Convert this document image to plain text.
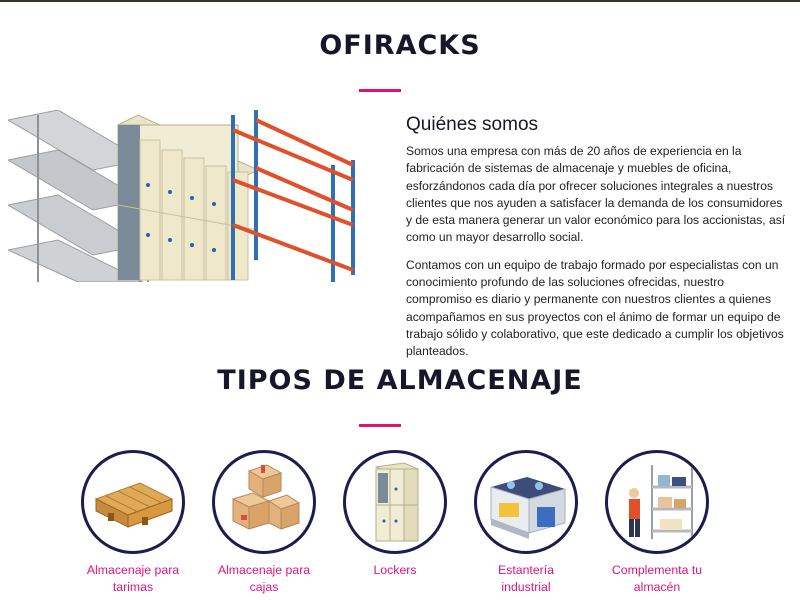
OFIRACKS
Quiénes somos

Somos una empresa con más de 20 años de experiencia en la fabricación de sistemas de almacenaje y muebles de oficina, esforzándonos cada día por ofrecer soluciones integrales a nuestros clientes que nos ayuden a satisfacer la demanda de los consumidores y de esta manera generar un valor económico para los accionistas, así como un mayor desarrollo social.

Contamos con un equipo de trabajo formado por especialistas con un conocimiento profundo de las soluciones ofrecidas, nuestro compromiso es diario y permanente con nuestros clientes a quienes acompañamos en sus proyectos con el ánimo de formar un equipo de trabajo sólido y colaborativo, que este dedicado a cumplir los objetivos planteados.

TIPOS DE ALMACENAJE
Almacenaje para tarimas
Almacenaje para cajas
Lockers	Estantería industrial
Complementa tu almacén
